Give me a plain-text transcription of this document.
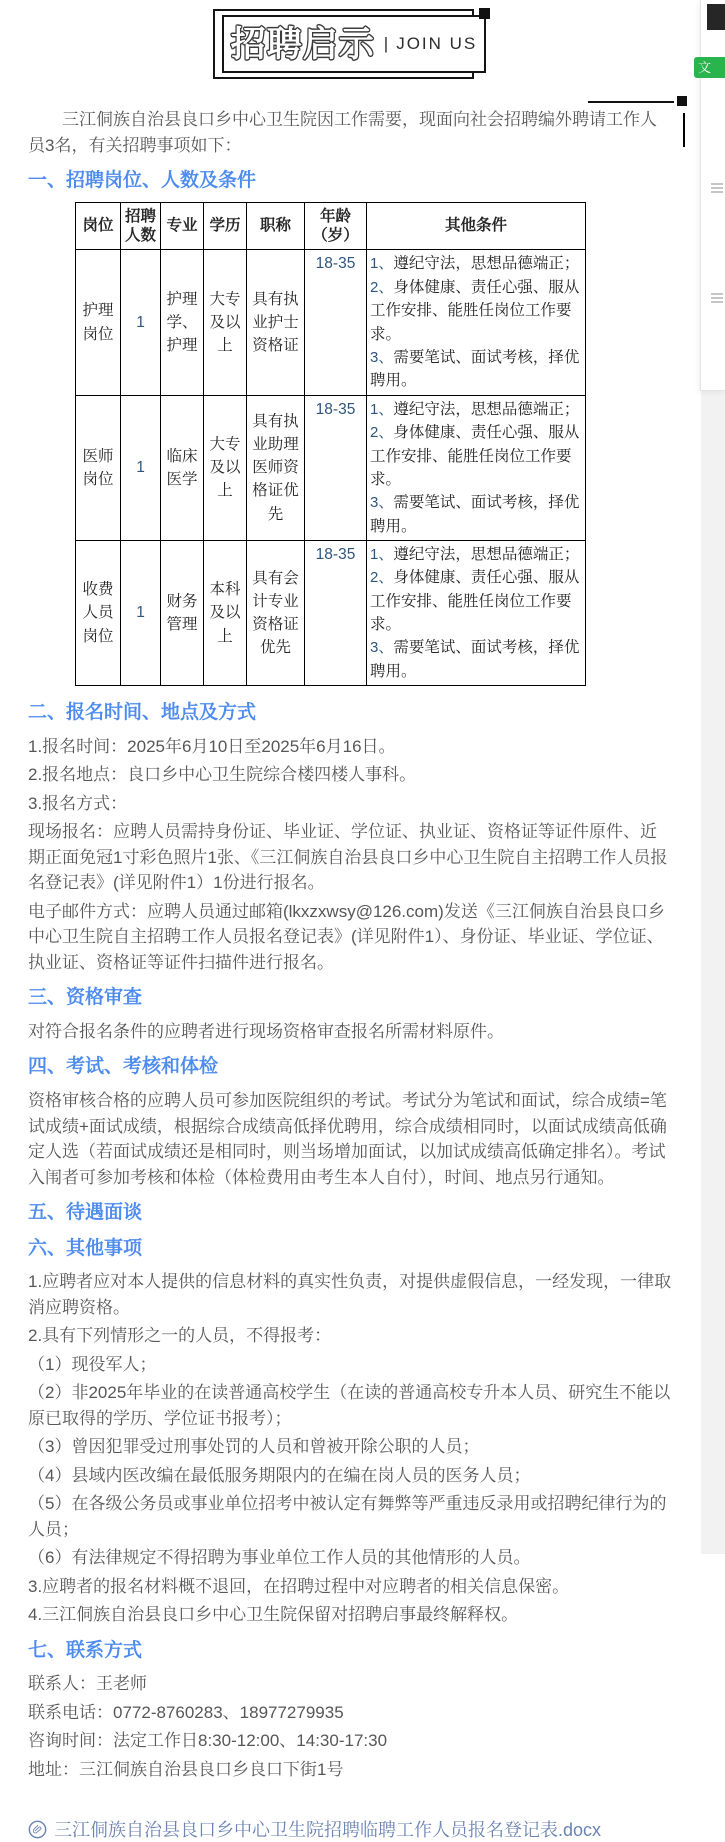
招聘启示 | JOIN US

三江侗族自治县良口乡中心卫生院因工作需要，现面向社会招聘编外聘请工作人员3名，有关招聘事项如下：

一、招聘岗位、人数及条件
岗位	招聘人数	专业	学历	职称	年龄（岁）	其他条件
护理岗位	1	护理学、护理	大专及以上	具有执业护士资格证	18-35	1、遵纪守法，思想品德端正；

2、身体健康、责任心强、服从工作安排、能胜任岗位工作要求。

3、需要笔试、面试考核，择优聘用。

医师岗位	1	临床医学	大专及以上	具有执业助理医师资格证优先	18-35	1、遵纪守法，思想品德端正；

2、身体健康、责任心强、服从工作安排、能胜任岗位工作要求。

3、需要笔试、面试考核，择优聘用。

收费人员岗位	1	财务管理	本科及以上	具有会计专业资格证优先	18-35	1、遵纪守法，思想品德端正；

2、身体健康、责任心强、服从工作安排、能胜任岗位工作要求。

3、需要笔试、面试考核，择优聘用。

二、报名时间、地点及方式

1.报名时间：2025年6月10日至2025年6月16日。

2.报名地点：良口乡中心卫生院综合楼四楼人事科。

3.报名方式：

现场报名：应聘人员需持身份证、毕业证、学位证、执业证、资格证等证件原件、近期正面免冠1寸彩色照片1张、《三江侗族自治县良口乡中心卫生院自主招聘工作人员报名登记表》(详见附件1）1份进行报名。

电子邮件方式：应聘人员通过邮箱(lkxzxwsy@126.com)发送《三江侗族自治县良口乡中心卫生院自主招聘工作人员报名登记表》(详见附件1）、身份证、毕业证、学位证、执业证、资格证等证件扫描件进行报名。

三、资格审查

对符合报名条件的应聘者进行现场资格审查报名所需材料原件。

四、考试、考核和体检

资格审核合格的应聘人员可参加医院组织的考试。考试分为笔试和面试，综合成绩=笔试成绩+面试成绩，根据综合成绩高低择优聘用，综合成绩相同时，以面试成绩高低确定人选（若面试成绩还是相同时，则当场增加面试，以加试成绩高低确定排名）。考试入闱者可参加考核和体检（体检费用由考生本人自付），时间、地点另行通知。

五、待遇面谈
六、其他事项

1.应聘者应对本人提供的信息材料的真实性负责，对提供虚假信息，一经发现，一律取消应聘资格。

2.具有下列情形之一的人员，不得报考：

（1）现役军人；

（2）非2025年毕业的在读普通高校学生（在读的普通高校专升本人员、研究生不能以原已取得的学历、学位证书报考）；

（3）曾因犯罪受过刑事处罚的人员和曾被开除公职的人员；

（4）县域内医改编在最低服务期限内的在编在岗人员的医务人员；

（5）在各级公务员或事业单位招考中被认定有舞弊等严重违反录用或招聘纪律行为的人员；

（6）有法律规定不得招聘为事业单位工作人员的其他情形的人员。

3.应聘者的报名材料概不退回，在招聘过程中对应聘者的相关信息保密。

4.三江侗族自治县良口乡中心卫生院保留对招聘启事最终解释权。

七、联系方式

联系人：王老师

联系电话：0772-8760283、18977279935

咨询时间：法定工作日8:30-12:00、14:30-17:30

地址：三江侗族自治县良口乡良口下街1号

三江侗族自治县良口乡中心卫生院招聘临聘工作人员报名登记表.docx
文
